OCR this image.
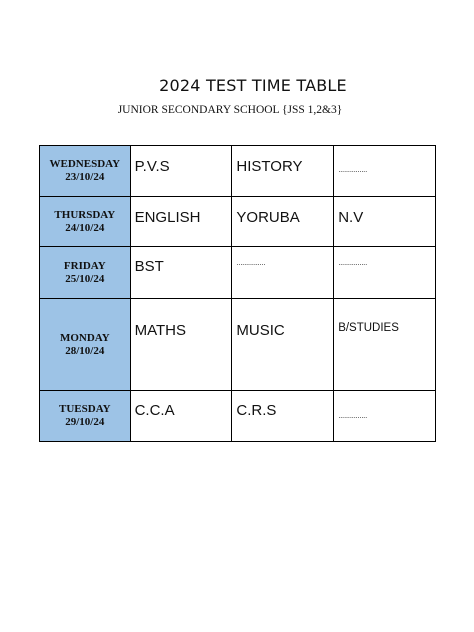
2024 TEST TIME TABLE
JUNIOR SECONDARY SCHOOL {JSS 1,2&3}
WEDNESDAY
23/10/24	P.V.S	HISTORY	...............

THURSDAY
24/10/24	ENGLISH	YORUBA	N.V

FRIDAY
25/10/24	BST	...............	...............

MONDAY
28/10/24	MATHS	MUSIC	B/STUDIES

TUESDAY
29/10/24	C.C.A	C.R.S	...............
